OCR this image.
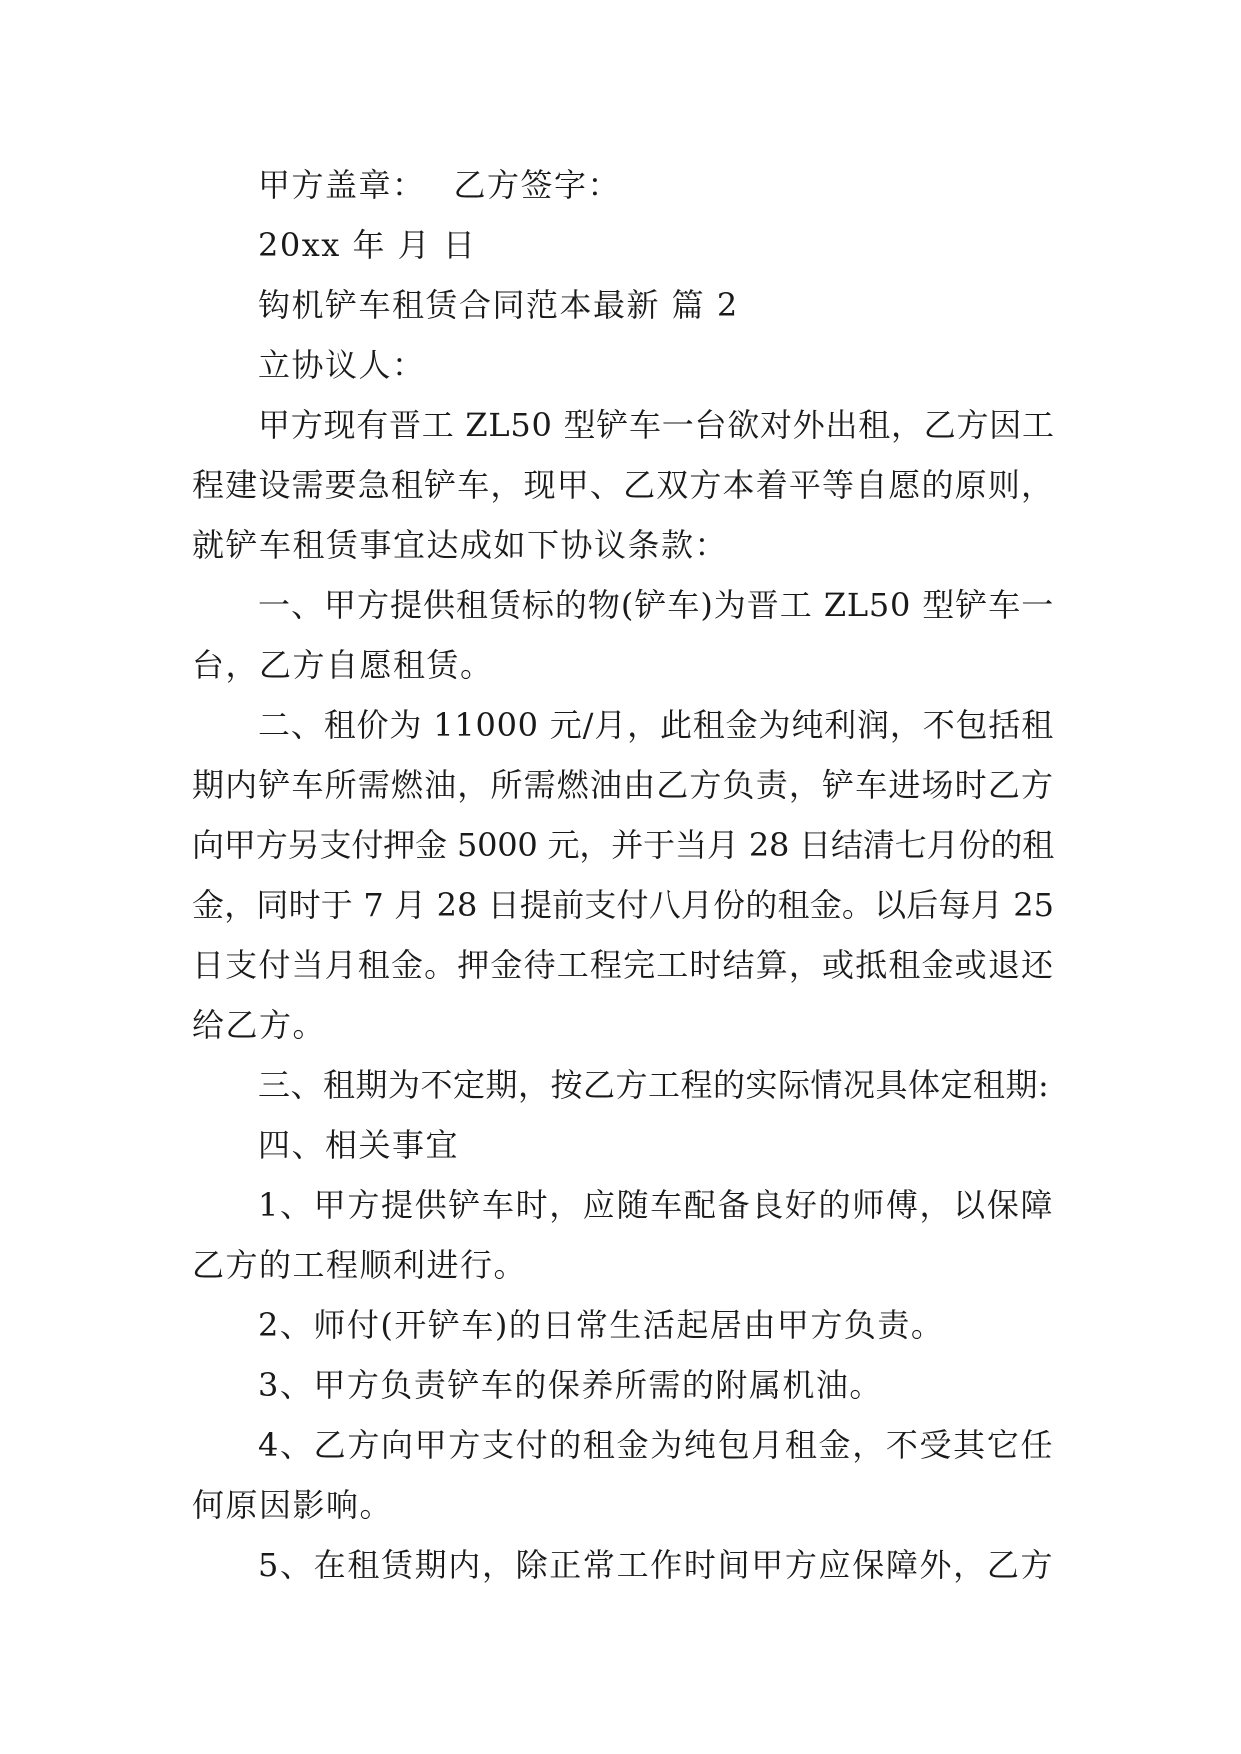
甲方盖章： 乙方签字：
20xx 年 月 日
钩机铲车租赁合同范本最新 篇 2
立协议人：
甲方现有晋工 ZL50 型铲车一台欲对外出租，乙方因工
程建设需要急租铲车，现甲、乙双方本着平等自愿的原则，
就铲车租赁事宜达成如下协议条款：
一、甲方提供租赁标的物(铲车)为晋工 ZL50 型铲车一
台，乙方自愿租赁。
二、租价为 11000 元/月，此租金为纯利润，不包括租
期内铲车所需燃油，所需燃油由乙方负责，铲车进场时乙方
向甲方另支付押金 5000 元，并于当月 28 日结清七月份的租
金，同时于 7 月 28 日提前支付八月份的租金。以后每月 25
日支付当月租金。押金待工程完工时结算，或抵租金或退还
给乙方。
三、租期为不定期，按乙方工程的实际情况具体定租期:
四、相关事宜
1、甲方提供铲车时，应随车配备良好的师傅，以保障
乙方的工程顺利进行。
2、师付(开铲车)的日常生活起居由甲方负责。
3、甲方负责铲车的保养所需的附属机油。
4、乙方向甲方支付的租金为纯包月租金，不受其它任
何原因影响。
5、在租赁期内，除正常工作时间甲方应保障外，乙方
